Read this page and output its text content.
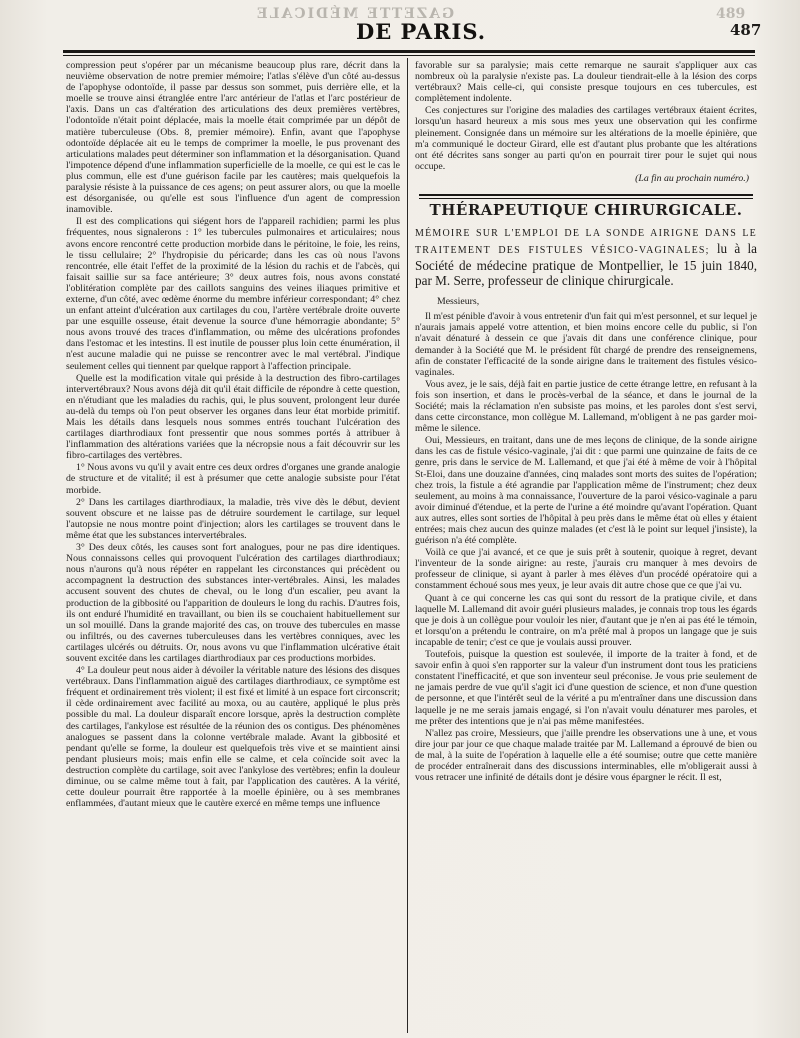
GAZETTE MÉDICALE	489
DE PARIS.	487

compression peut s'opérer par un mécanisme beaucoup plus rare, décrit dans la neuvième observation de notre premier mémoire; l'atlas s'élève d'un côté au-dessus de l'apophyse odontoïde, il passe par dessus son sommet, puis derrière elle, et la moelle se trouve ainsi étranglée entre l'arc antérieur de l'atlas et l'arc postérieur de l'axis. Dans un cas d'altération des articulations des deux premières vertèbres, l'odontoïde n'était point déplacée, mais la moelle était comprimée par un dépôt de matière tuberculeuse (Obs. 8, premier mémoire). Enfin, avant que l'apophyse odontoïde déplacée ait eu le temps de comprimer la moelle, le pus provenant des articulations malades peut déterminer son inflammation et la désorganisation. Quand l'impotence dépend d'une inflammation superficielle de la moelle, ce qui est le cas le plus commun, elle est d'une guérison facile par les cautères; mais quelquefois la paralysie résiste à la puissance de ces agens; on peut assurer alors, ou que la moelle est désorganisée, ou qu'elle est sous l'influence d'un agent de compression inamovible.

Il est des complications qui siégent hors de l'appareil rachidien; parmi les plus fréquentes, nous signalerons : 1° les tubercules pulmonaires et articulaires; nous avons encore rencontré cette production morbide dans le péritoine, le foie, les reins, le tissu cellulaire; 2° l'hydropisie du péricarde; dans les cas où nous l'avons rencontrée, elle était l'effet de la proximité de la lésion du rachis et de l'abcès, qui faisait saillie sur sa face antérieure; 3° deux autres fois, nous avons constaté l'oblitération complète par des caillots sanguins des veines iliaques primitive et externe, d'un côté, avec œdème énorme du membre inférieur correspondant; 4° chez un enfant atteint d'ulcération aux cartilages du cou, l'artère vertébrale droite ouverte par une esquille osseuse, était devenue la source d'une hémorragie abondante; 5° nous avons trouvé des traces d'inflammation, ou même des ulcérations profondes dans l'estomac et les intestins. Il est inutile de pousser plus loin cette énumération, il n'est aucune maladie qui ne puisse se rencontrer avec le mal vertébral. J'indique seulement celles qui tiennent par quelque rapport à l'affection principale.

Quelle est la modification vitale qui préside à la destruction des fibro-cartilages intervertébraux? Nous avons déjà dit qu'il était difficile de répondre à cette question, en n'étudiant que les maladies du rachis, qui, le plus souvent, prolongent leur durée au-delà du temps où l'on peut observer les organes dans leur état morbide primitif. Mais les détails dans lesquels nous sommes entrés touchant l'ulcération des cartilages diarthrodiaux font pressentir que nous sommes portés à attribuer à l'inflammation des altérations variées que la nécropsie nous a fait découvrir sur les fibro-cartilages des vertèbres.

1° Nous avons vu qu'il y avait entre ces deux ordres d'organes une grande analogie de structure et de vitalité; il est à présumer que cette analogie subsiste pour l'état morbide.

2° Dans les cartilages diarthrodiaux, la maladie, très vive dès le début, devient souvent obscure et ne laisse pas de détruire sourdement le cartilage, sur lequel l'autopsie ne nous montre point d'injection; alors les cartilages se trouvent dans le même état que les substances intervertébrales.

3° Des deux côtés, les causes sont fort analogues, pour ne pas dire identiques. Nous connaissons celles qui provoquent l'ulcération des cartilages diarthrodiaux; nous n'aurons qu'à nous répéter en rappelant les circonstances qui précèdent ou accompagnent la destruction des substances inter-vertébrales. Ainsi, les malades accusent souvent des chutes de cheval, ou le long d'un escalier, peu avant la production de la gibbosité ou l'apparition de douleurs le long du rachis. D'autres fois, ils ont enduré l'humidité en travaillant, ou bien ils se couchaient habituellement sur un sol mouillé. Dans la grande majorité des cas, on trouve des tubercules en masse ou infiltrés, ou des cavernes tuberculeuses dans les vertèbres conniques, avec les cartilages ulcérés ou détruits. Or, nous avons vu que l'inflammation ulcérative était souvent excitée dans les cartilages diarthrodiaux par ces productions morbides.

4° La douleur peut nous aider à dévoiler la véritable nature des lésions des disques vertébraux. Dans l'inflammation aiguë des cartilages diarthrodiaux, ce symptôme est fréquent et ordinairement très violent; il est fixé et limité à un espace fort circonscrit; il cède ordinairement avec facilité au moxa, ou au cautère, appliqué le plus près possible du mal. La douleur disparaît encore lorsque, après la destruction complète des cartilages, l'ankylose est résultée de la réunion des os contigus. Des phénomènes analogues se passent dans la colonne vertébrale malade. Avant la gibbosité et pendant qu'elle se forme, la douleur est quelquefois très vive et se maintient ainsi pendant plusieurs mois; mais enfin elle se calme, et cela coïncide soit avec la destruction complète du cartilage, soit avec l'ankylose des vertèbres; enfin la douleur diminue, ou se calme même tout à fait, par l'application des cautères. A la vérité, cette douleur pourrait être rapportée à la moelle épinière, ou à ses membranes enflammées, d'autant mieux que le cautère exercé en même temps une influence

favorable sur sa paralysie; mais cette remarque ne saurait s'appliquer aux cas nombreux où la paralysie n'existe pas. La douleur tiendrait-elle à la lésion des corps vertébraux? Mais celle-ci, qui consiste presque toujours en ces tubercules, est complètement indolente.

Ces conjectures sur l'origine des maladies des cartilages vertébraux étaient écrites, lorsqu'un hasard heureux a mis sous mes yeux une observation qui les confirme pleinement. Consignée dans un mémoire sur les altérations de la moelle épinière, que m'a communiqué le docteur Girard, elle est d'autant plus probante que les altérations ont été décrites sans songer au parti qu'on en pourrait tirer pour le sujet qui nous occupe.

(La fin au prochain numéro.)

THÉRAPEUTIQUE CHIRURGICALE.
MÉMOIRE SUR L'EMPLOI DE LA SONDE AIRIGNE DANS LE TRAITEMENT DES FISTULES VÉSICO-VAGINALES; lu à la Société de médecine pratique de Montpellier, le 15 juin 1840, par M. Serre, professeur de clinique chirurgicale.

Messieurs,

Il m'est pénible d'avoir à vous entretenir d'un fait qui m'est personnel, et sur lequel je n'aurais jamais appelé votre attention, et bien moins encore celle du public, si l'on n'avait dénaturé à dessein ce que j'avais dit dans une conférence clinique, pour demander à la Société que M. le président fût chargé de prendre des renseignemens, afin de constater l'efficacité de la sonde airigne dans le traitement des fistules vésico-vaginales.

Vous avez, je le sais, déjà fait en partie justice de cette étrange lettre, en refusant à la fois son insertion, et dans le procès-verbal de la séance, et dans le journal de la Société; mais la réclamation n'en subsiste pas moins, et les paroles dont s'est servi, dans cette circonstance, mon collègue M. Lallemand, m'obligent à ne pas garder moi-même le silence.

Oui, Messieurs, en traitant, dans une de mes leçons de clinique, de la sonde airigne dans les cas de fistule vésico-vaginale, j'ai dit : que parmi une quinzaine de faits de ce genre, pris dans le service de M. Lallemand, et que j'ai été à même de voir à l'hôpital St-Eloi, dans une douzaine d'années, cinq malades sont morts des suites de l'opération; chez trois, la fistule a été agrandie par l'application même de l'instrument; chez deux seulement, au moins à ma connaissance, l'ouverture de la paroi vésico-vaginale a paru avoir diminué d'étendue, et la perte de l'urine a été moindre qu'avant l'opération. Quant aux autres, elles sont sorties de l'hôpital à peu près dans le même état où elles y étaient entrées; mais chez aucun des quinze malades (et c'est là le point sur lequel j'insiste), la guérison n'a été complète.

Voilà ce que j'ai avancé, et ce que je suis prêt à soutenir, quoique à regret, devant l'inventeur de la sonde airigne: au reste, j'aurais cru manquer à mes devoirs de professeur de clinique, si ayant à parler à mes élèves d'un procédé opératoire qui a constamment échoué sous mes yeux, je leur avais dit autre chose que ce que j'ai vu.

Quant à ce qui concerne les cas qui sont du ressort de la pratique civile, et dans laquelle M. Lallemand dit avoir guéri plusieurs malades, je connais trop tous les égards que je dois à un collègue pour vouloir les nier, d'autant que je n'en ai pas été le témoin, et lorsqu'on a prétendu le contraire, on m'a prêté mal à propos un langage que je suis incapable de tenir; c'est ce que je voulais aussi prouver.

Toutefois, puisque la question est soulevée, il importe de la traiter à fond, et de savoir enfin à quoi s'en rapporter sur la valeur d'un instrument dont tous les praticiens constatent l'inefficacité, et que son inventeur seul préconise. Je vous prie seulement de ne jamais perdre de vue qu'il s'agit ici d'une question de science, et non d'une question de personne, et que l'intérêt seul de la vérité a pu m'entraîner dans une discussion dans laquelle je ne me serais jamais engagé, si l'on n'avait voulu dénaturer mes paroles, et me prêter des intentions que je n'ai pas même manifestées.

N'allez pas croire, Messieurs, que j'aille prendre les observations une à une, et vous dire jour par jour ce que chaque malade traitée par M. Lallemand a éprouvé de bien ou de mal, à la suite de l'opération à laquelle elle a été soumise; outre que cette manière de procéder entraînerait dans des discussions interminables, elle m'obligerait aussi à vous retracer une infinité de détails dont je désire vous épargner le récit. Il est,
